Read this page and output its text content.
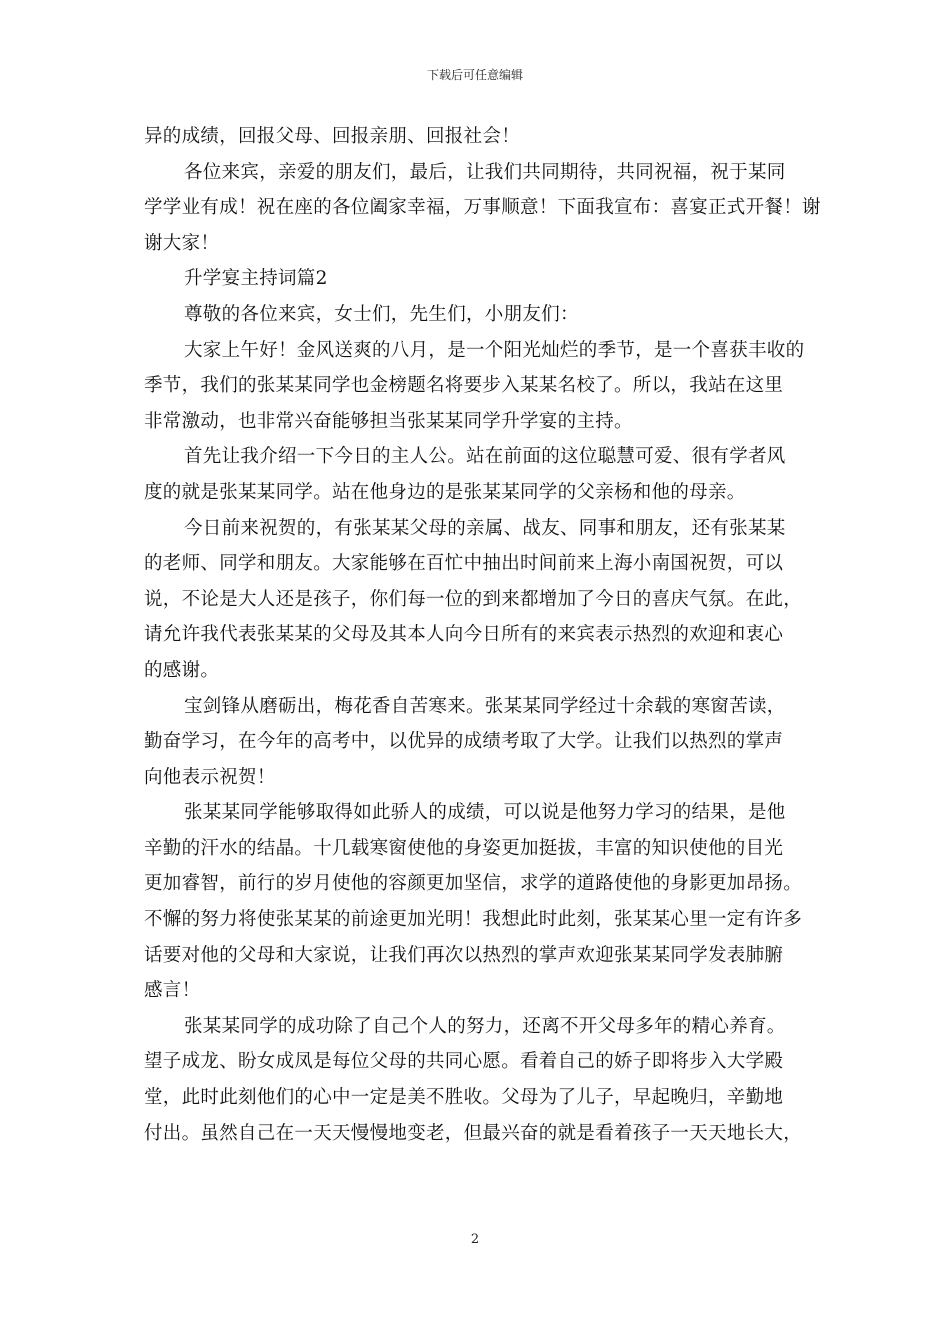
下载后可任意编辑
异的成绩，回报父母、回报亲朋、回报社会！
各位来宾，亲爱的朋友们，最后，让我们共同期待，共同祝福，祝于某同
学学业有成！祝在座的各位阖家幸福，万事顺意！下面我宣布：喜宴正式开餐！谢
谢大家！
升学宴主持词篇2
尊敬的各位来宾，女士们，先生们，小朋友们：
大家上午好！金风送爽的八月，是一个阳光灿烂的季节，是一个喜获丰收的
季节，我们的张某某同学也金榜题名将要步入某某名校了。所以，我站在这里
非常激动，也非常兴奋能够担当张某某同学升学宴的主持。
首先让我介绍一下今日的主人公。站在前面的这位聪慧可爱、很有学者风
度的就是张某某同学。站在他身边的是张某某同学的父亲杨和他的母亲。
今日前来祝贺的，有张某某父母的亲属、战友、同事和朋友，还有张某某
的老师、同学和朋友。大家能够在百忙中抽出时间前来上海小南国祝贺，可以
说，不论是大人还是孩子，你们每一位的到来都增加了今日的喜庆气氛。在此，
请允许我代表张某某的父母及其本人向今日所有的来宾表示热烈的欢迎和衷心
的感谢。
宝剑锋从磨砺出，梅花香自苦寒来。张某某同学经过十余载的寒窗苦读，
勤奋学习，在今年的高考中，以优异的成绩考取了大学。让我们以热烈的掌声
向他表示祝贺！
张某某同学能够取得如此骄人的成绩，可以说是他努力学习的结果，是他
辛勤的汗水的结晶。十几载寒窗使他的身姿更加挺拔，丰富的知识使他的目光
更加睿智，前行的岁月使他的容颜更加坚信，求学的道路使他的身影更加昂扬。
不懈的努力将使张某某的前途更加光明！我想此时此刻，张某某心里一定有许多
话要对他的父母和大家说，让我们再次以热烈的掌声欢迎张某某同学发表肺腑
感言！
张某某同学的成功除了自己个人的努力，还离不开父母多年的精心养育。
望子成龙、盼女成凤是每位父母的共同心愿。看着自己的娇子即将步入大学殿
堂，此时此刻他们的心中一定是美不胜收。父母为了儿子，早起晚归，辛勤地
付出。虽然自己在一天天慢慢地变老，但最兴奋的就是看着孩子一天天地长大，
2
